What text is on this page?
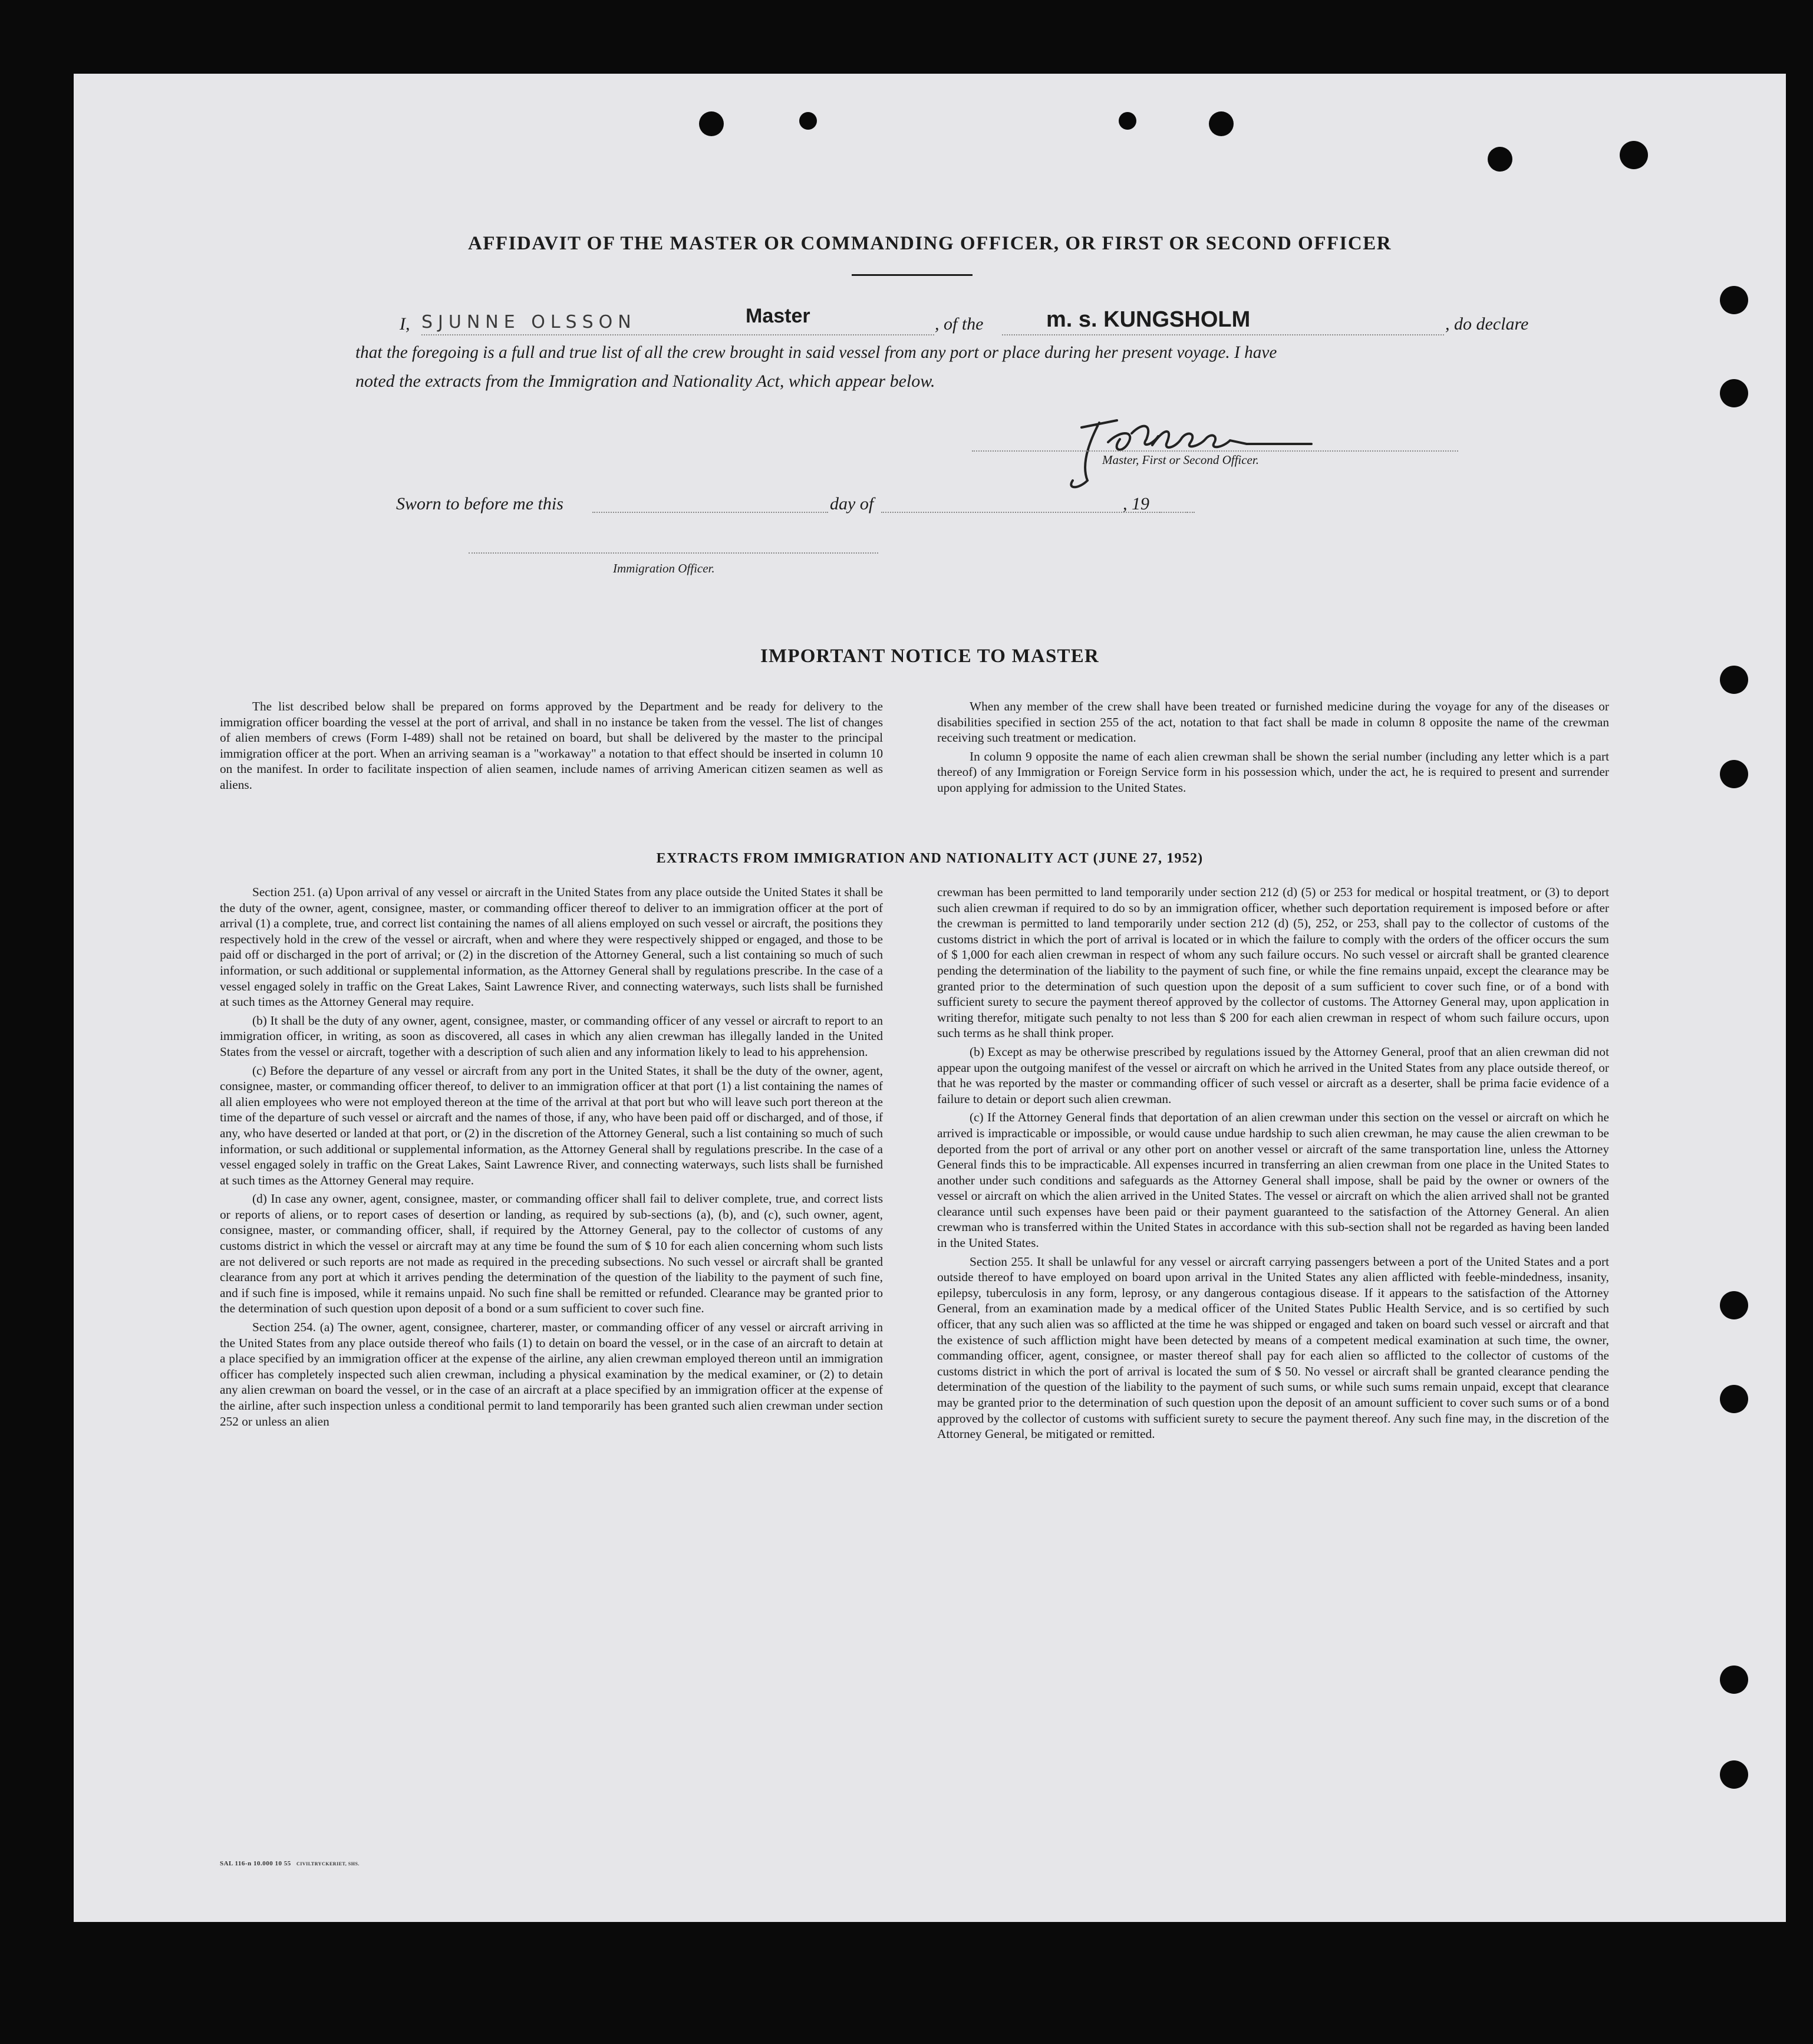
AFFIDAVIT OF THE MASTER OR COMMANDING OFFICER, OR FIRST OR SECOND OFFICER
I, SJUNNE OLSSON	Master	, of the	m. s. KUNGSHOLM	, do declare
that the foregoing is a full and true list of all the crew brought in said vessel from any port or place during her present voyage. I have
noted the extracts from the Immigration and Nationality Act, which appear below.
Master, First or Second Officer.
Sworn to before me this	day of	, 19
Immigration Officer.
IMPORTANT NOTICE TO MASTER

The list described below shall be prepared on forms approved by the Department and be ready for delivery to the immigration officer boarding the vessel at the port of arrival, and shall in no instance be taken from the vessel. The list of changes of alien members of crews (Form I-489) shall not be retained on board, but shall be delivered by the master to the principal immigration officer at the port. When an arriving seaman is a "workaway" a notation to that effect should be inserted in column 10 on the manifest. In order to facilitate inspection of alien seamen, include names of arriving American citizen seamen as well as aliens.

When any member of the crew shall have been treated or furnished medicine during the voyage for any of the diseases or disabilities specified in section 255 of the act, notation to that fact shall be made in column 8 opposite the name of the crewman receiving such treatment or medication.

In column 9 opposite the name of each alien crewman shall be shown the serial number (including any letter which is a part thereof) of any Immigration or Foreign Service form in his possession which, under the act, he is required to present and surrender upon applying for admission to the United States.

EXTRACTS FROM IMMIGRATION AND NATIONALITY ACT (JUNE 27, 1952)

Section 251. (a) Upon arrival of any vessel or aircraft in the United States from any place outside the United States it shall be the duty of the owner, agent, consignee, master, or commanding officer thereof to deliver to an immigration officer at the port of arrival (1) a complete, true, and correct list containing the names of all aliens employed on such vessel or aircraft, the positions they respectively hold in the crew of the vessel or aircraft, when and where they were respectively shipped or engaged, and those to be paid off or discharged in the port of arrival; or (2) in the discretion of the Attorney General, such a list containing so much of such information, or such additional or supplemental information, as the Attorney General shall by regulations prescribe. In the case of a vessel engaged solely in traffic on the Great Lakes, Saint Lawrence River, and connecting waterways, such lists shall be furnished at such times as the Attorney General may require.

(b) It shall be the duty of any owner, agent, consignee, master, or commanding officer of any vessel or aircraft to report to an immigration officer, in writing, as soon as discovered, all cases in which any alien crewman has illegally landed in the United States from the vessel or aircraft, together with a description of such alien and any information likely to lead to his apprehension.

(c) Before the departure of any vessel or aircraft from any port in the United States, it shall be the duty of the owner, agent, consignee, master, or commanding officer thereof, to deliver to an immigration officer at that port (1) a list containing the names of all alien employees who were not employed thereon at the time of the arrival at that port but who will leave such port thereon at the time of the departure of such vessel or aircraft and the names of those, if any, who have been paid off or discharged, and of those, if any, who have deserted or landed at that port, or (2) in the discretion of the Attorney General, such a list containing so much of such information, or such additional or supplemental information, as the Attorney General shall by regulations prescribe. In the case of a vessel engaged solely in traffic on the Great Lakes, Saint Lawrence River, and connecting waterways, such lists shall be furnished at such times as the Attorney General may require.

(d) In case any owner, agent, consignee, master, or commanding officer shall fail to deliver complete, true, and correct lists or reports of aliens, or to report cases of desertion or landing, as required by sub-sections (a), (b), and (c), such owner, agent, consignee, master, or commanding officer, shall, if required by the Attorney General, pay to the collector of customs of any customs district in which the vessel or aircraft may at any time be found the sum of $ 10 for each alien concerning whom such lists are not delivered or such reports are not made as required in the preceding subsections. No such vessel or aircraft shall be granted clearance from any port at which it arrives pending the determination of the question of the liability to the payment of such fine, and if such fine is imposed, while it remains unpaid. No such fine shall be remitted or refunded. Clearance may be granted prior to the determination of such question upon deposit of a bond or a sum sufficient to cover such fine.

Section 254. (a) The owner, agent, consignee, charterer, master, or commanding officer of any vessel or aircraft arriving in the United States from any place outside thereof who fails (1) to detain on board the vessel, or in the case of an aircraft to detain at a place specified by an immigration officer at the expense of the airline, any alien crewman employed thereon until an immigration officer has completely inspected such alien crewman, including a physical examination by the medical examiner, or (2) to detain any alien crewman on board the vessel, or in the case of an aircraft at a place specified by an immigration officer at the expense of the airline, after such inspection unless a conditional permit to land temporarily has been granted such alien crewman under section 252 or unless an alien

crewman has been permitted to land temporarily under section 212 (d) (5) or 253 for medical or hospital treatment, or (3) to deport such alien crewman if required to do so by an immigration officer, whether such deportation requirement is imposed before or after the crewman is permitted to land temporarily under section 212 (d) (5), 252, or 253, shall pay to the collector of customs of the customs district in which the port of arrival is located or in which the failure to comply with the orders of the officer occurs the sum of $ 1,000 for each alien crewman in respect of whom any such failure occurs. No such vessel or aircraft shall be granted clearence pending the determination of the liability to the payment of such fine, or while the fine remains unpaid, except the clearance may be granted prior to the determination of such question upon the deposit of a sum sufficient to cover such fine, or of a bond with sufficient surety to secure the payment thereof approved by the collector of customs. The Attorney General may, upon application in writing therefor, mitigate such penalty to not less than $ 200 for each alien crewman in respect of whom such failure occurs, upon such terms as he shall think proper.

(b) Except as may be otherwise prescribed by regulations issued by the Attorney General, proof that an alien crewman did not appear upon the outgoing manifest of the vessel or aircraft on which he arrived in the United States from any place outside thereof, or that he was reported by the master or commanding officer of such vessel or aircraft as a deserter, shall be prima facie evidence of a failure to detain or deport such alien crewman.

(c) If the Attorney General finds that deportation of an alien crewman under this section on the vessel or aircraft on which he arrived is impracticable or impossible, or would cause undue hardship to such alien crewman, he may cause the alien crewman to be deported from the port of arrival or any other port on another vessel or aircraft of the same transportation line, unless the Attorney General finds this to be impracticable. All expenses incurred in transferring an alien crewman from one place in the United States to another under such conditions and safeguards as the Attorney General shall impose, shall be paid by the owner or owners of the vessel or aircraft on which the alien arrived in the United States. The vessel or aircraft on which the alien arrived shall not be granted clearance until such expenses have been paid or their payment guaranteed to the satisfaction of the Attorney General. An alien crewman who is transferred within the United States in accordance with this sub-section shall not be regarded as having been landed in the United States.

Section 255. It shall be unlawful for any vessel or aircraft carrying passengers between a port of the United States and a port outside thereof to have employed on board upon arrival in the United States any alien afflicted with feeble-mindedness, insanity, epilepsy, tuberculosis in any form, leprosy, or any dangerous contagious disease. If it appears to the satisfaction of the Attorney General, from an examination made by a medical officer of the United States Public Health Service, and is so certified by such officer, that any such alien was so afflicted at the time he was shipped or engaged and taken on board such vessel or aircraft and that the existence of such affliction might have been detected by means of a competent medical examination at such time, the owner, commanding officer, agent, consignee, or master thereof shall pay for each alien so afflicted to the collector of customs of the customs district in which the port of arrival is located the sum of $ 50. No vessel or aircraft shall be granted clearance pending the determination of the question of the liability to the payment of such sums, or while such sums remain unpaid, except that clearance may be granted prior to the determination of such question upon the deposit of an amount sufficient to cover such sums or of a bond approved by the collector of customs with sufficient surety to secure the payment thereof. Any such fine may, in the discretion of the Attorney General, be mitigated or remitted.

SAL 116-n 10.000 10 55 CIVILTRYCKERIET, SHS.
